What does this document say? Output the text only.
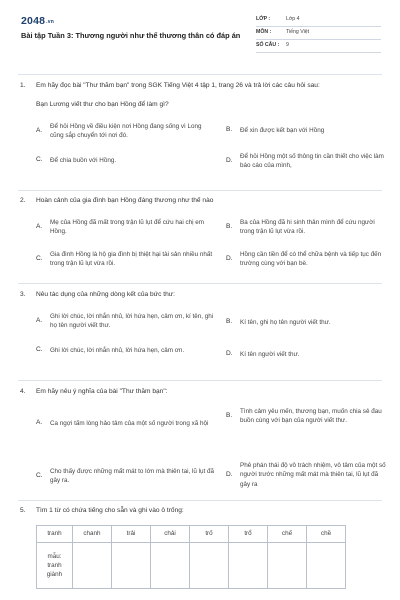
2048.vn
Bài tập Tuần 3: Thương người như thể thương thân có đáp án
LỚP :	Lớp 4
MÔN :	Tiếng Việt
SỐ CÂU :	9
1.	Em hãy đọc bài "Thư thăm bạn" trong SGK Tiếng Việt 4 tập 1, trang 26 và trả lời các câu hỏi sau:
Bạn Lương viết thư cho bạn Hồng để làm gì?
A.
Để hỏi Hồng về điều kiện nơi Hồng đang sống vì Long cũng sắp chuyển tới nơi đó.
B.	Để xin được kết bạn với Hồng
C.	Để chia buồn với Hồng.	D.
Để hỏi Hồng một số thông tin cần thiết cho việc làm báo cáo của mình,
2.	Hoàn cảnh của gia đình bạn Hồng đáng thương như thế nào
A.
Mẹ của Hồng đã mất trong trận lũ lụt để cứu hai chị em Hồng.
B.
Ba của Hồng đã hi sinh thân mình để cứu người trong trận lũ lụt vừa rồi.
C.
Gia đình Hồng là hộ gia đình bị thiệt hại tài sản nhiều nhất trong trận lũ lụt vừa rồi.
D.
Hồng cần tiền để có thể chữa bệnh và tiếp tục đến trường cùng với bạn bè.
3.	Nêu tác dụng của những dòng kết của bức thư:
A.
Ghi lời chúc, lời nhắn nhủ, lời hứa hẹn, cảm ơn, kí tên, ghi họ tên người viết thư.
B.	Kí tên, ghi họ tên người viết thư.
C.	Ghi lời chúc, lời nhắn nhủ, lời hứa hẹn, cảm ơn.	D.	Kí tên người viết thư.
4.	Em hãy nêu ý nghĩa của bài "Thư thăm bạn":
A.	Ca ngợi tấm lòng hảo tâm của một số người trong xã hội
B.
Tình cảm yêu mến, thương bạn, muốn chia sẻ đau buồn cùng với bạn của người viết thư.
C.
Cho thấy được những mất mát to lớn mà thiên tai, lũ lụt đã gây ra.
D.
Phê phán thái độ vô trách nhiệm, vô tâm của một số người trước những mất mát mà thiên tai, lũ lụt đã gây ra
5.	Tìm 1 từ có chứa tiếng cho sẵn và ghi vào ô trống:
tranh	chanh	trải	chải	trố	trổ	chế	chề
mẫu:
tranh
giành							
